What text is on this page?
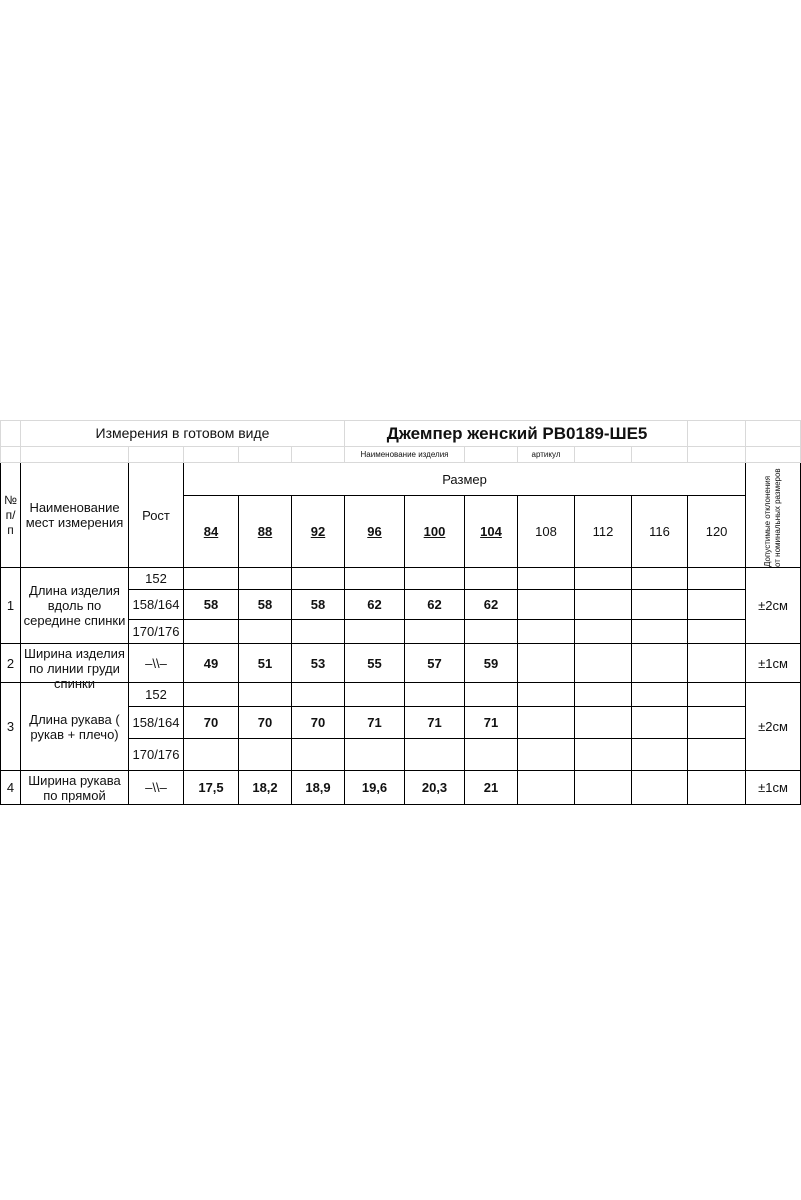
	Измерения в готовом виде					Джемпер женский РВ0189-ШЕ5							
						Наименование изделия			артикул				
№ п/ п	Наименование мест измерения	Рост	Размер										Допустимые отклонения от номинальных размеров

			84	88	92	96	100	104	108	112	116	120	
1	Длина изделия вдоль по середине спинки	152											±2см
		158/164	58	58	58	62	62	62					
		170/176											
2	Ширина изделия по линии груди спинки	–\\–	49	51	53	55	57	59					±1см
3	Длина рукава ( рукав + плечо)	152											±2см
		158/164	70	70	70	71	71	71					
		170/176											
4	Ширина рукава по прямой	–\\–	17,5	18,2	18,9	19,6	20,3	21					±1см
